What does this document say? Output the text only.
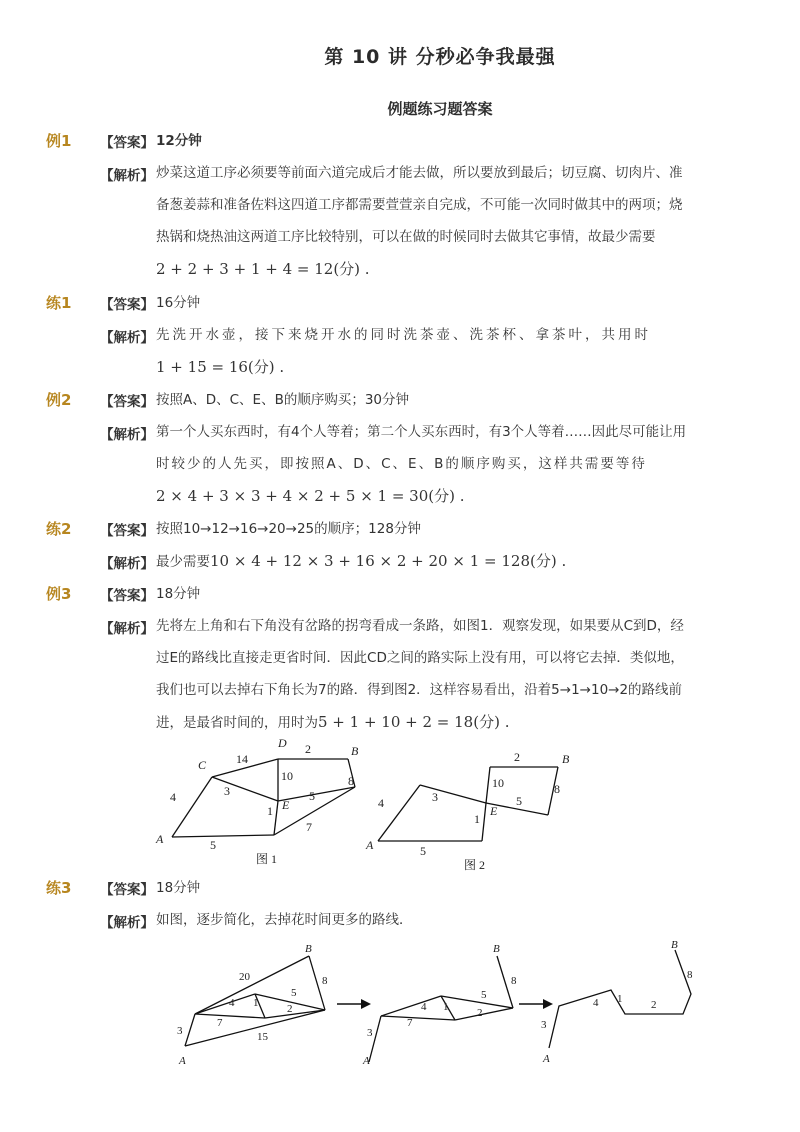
第 10 讲 分秒必争我最强
例题练习题答案
例1 【答案】 12分钟
【解析】 炒菜这道工序必须要等前面六道完成后才能去做，所以要放到最后；切豆腐、切肉片、准
备葱姜蒜和准备佐料这四道工序都需要萱萱亲自完成，不可能一次同时做其中的两项；烧
热锅和烧热油这两道工序比较特别，可以在做的时候同时去做其它事情，故最少需要
2 + 2 + 3 + 1 + 4 = 12(分) .
练1 【答案】 16分钟
【解析】 先洗开水壶，接下来烧开水的同时洗茶壶、洗茶杯、拿茶叶，共用时
1 + 15 = 16(分) .
例2 【答案】 按照A、D、C、E、B的顺序购买；30分钟
【解析】 第一个人买东西时，有4个人等着；第二个人买东西时，有3个人等着……因此尽可能让用
时较少的人先买，即按照A、D、C、E、B的顺序购买，这样共需要等待
2 × 4 + 3 × 3 + 4 × 2 + 5 × 1 = 30(分) .
练2 【答案】 按照10→12→16→20→25的顺序；128分钟
【解析】 最少需要10 × 4 + 12 × 3 + 16 × 2 + 20 × 1 = 128(分) .
例3 【答案】 18分钟
【解析】 先将左上角和右下角没有岔路的拐弯看成一条路，如图1．观察发现，如果要从C到D，经
过E的路线比直接走更省时间．因此CD之间的路实际上没有用，可以将它去掉．类似地，
我们也可以去掉右下角长为7的路．得到图2．这样容易看出，沿着5→1→10→2的路线前
进，是最省时间的，用时为5 + 1 + 10 + 2 = 18(分) .
A
B
C
D
E
14
2
4	3
10	8
5
1
7
5
图 1
A
B
E
2
10
4	3
8
5
1
5
图 2
练3 【答案】 18分钟
【解析】 如图，逐步简化，去掉花时间更多的路线．
A
B
20	8
4 1
5
2
3
7
15
A
B
8
4 1
5
2
3
7
A
B
8
4 1	2
3
